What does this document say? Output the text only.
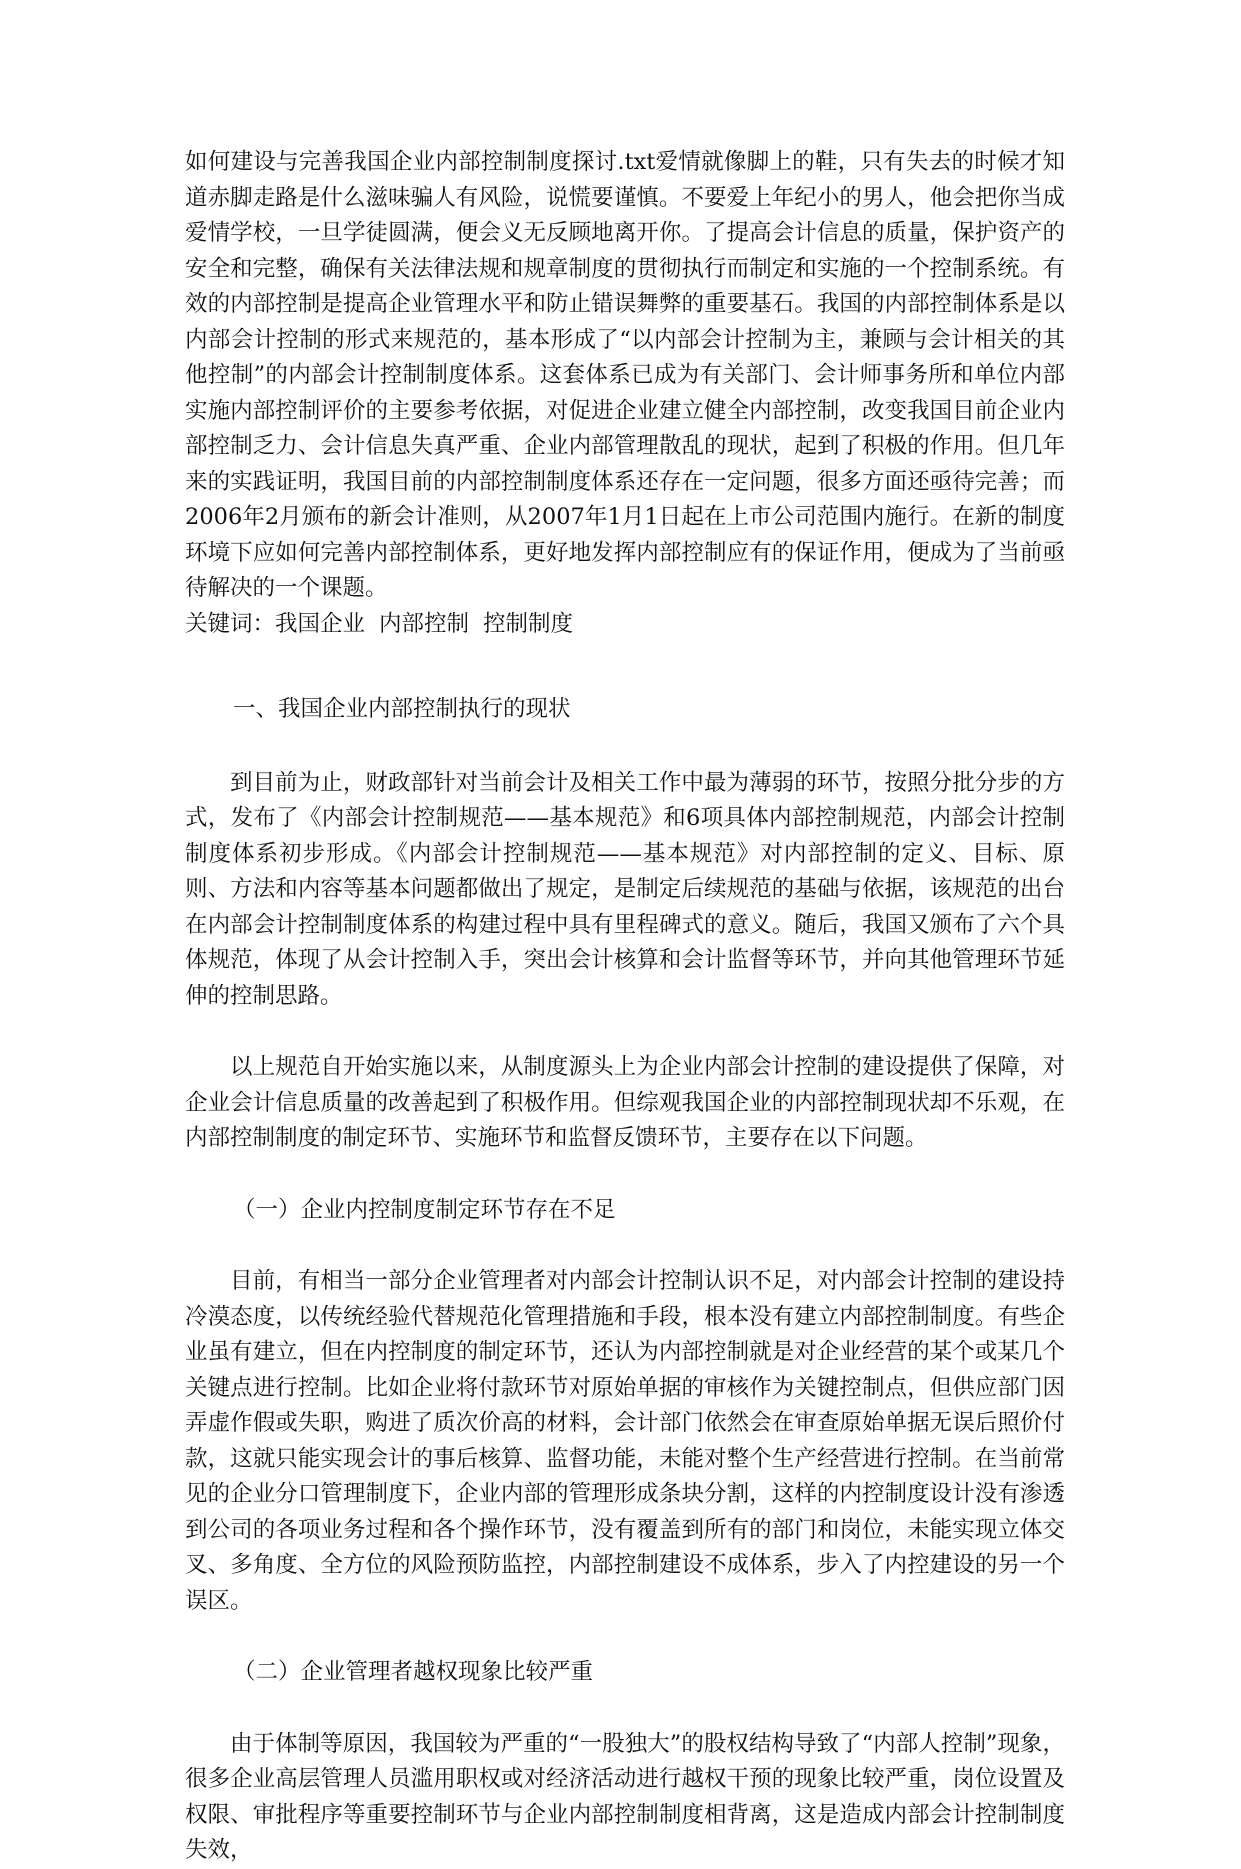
如何建设与完善我国企业内部控制制度探讨.txt爱情就像脚上的鞋，只有失去的时候才知道赤脚走路是什么滋味骗人有风险，说慌要谨慎。不要爱上年纪小的男人，他会把你当成爱情学校，一旦学徒圆满，便会义无反顾地离开你。了提高会计信息的质量，保护资产的安全和完整，确保有关法律法规和规章制度的贯彻执行而制定和实施的一个控制系统。有效的内部控制是提高企业管理水平和防止错误舞弊的重要基石。我国的内部控制体系是以内部会计控制的形式来规范的，基本形成了“以内部会计控制为主，兼顾与会计相关的其他控制”的内部会计控制制度体系。这套体系已成为有关部门、会计师事务所和单位内部实施内部控制评价的主要参考依据，对促进企业建立健全内部控制，改变我国目前企业内部控制乏力、会计信息失真严重、企业内部管理散乱的现状，起到了积极的作用。但几年来的实践证明，我国目前的内部控制制度体系还存在一定问题，很多方面还亟待完善；而2006年2月颁布的新会计准则，从2007年1月1日起在上市公司范围内施行。在新的制度环境下应如何完善内部控制体系，更好地发挥内部控制应有的保证作用，便成为了当前亟待解决的一个课题。

关键词：我国企业 内部控制 控制制度

一、我国企业内部控制执行的现状

到目前为止，财政部针对当前会计及相关工作中最为薄弱的环节，按照分批分步的方式，发布了《内部会计控制规范——基本规范》和6项具体内部控制规范，内部会计控制制度体系初步形成。《内部会计控制规范——基本规范》对内部控制的定义、目标、原则、方法和内容等基本问题都做出了规定，是制定后续规范的基础与依据，该规范的出台在内部会计控制制度体系的构建过程中具有里程碑式的意义。随后，我国又颁布了六个具体规范，体现了从会计控制入手，突出会计核算和会计监督等环节，并向其他管理环节延伸的控制思路。

以上规范自开始实施以来，从制度源头上为企业内部会计控制的建设提供了保障，对企业会计信息质量的改善起到了积极作用。但综观我国企业的内部控制现状却不乐观，在内部控制制度的制定环节、实施环节和监督反馈环节，主要存在以下问题。

（一）企业内控制度制定环节存在不足

目前，有相当一部分企业管理者对内部会计控制认识不足，对内部会计控制的建设持冷漠态度，以传统经验代替规范化管理措施和手段，根本没有建立内部控制制度。有些企业虽有建立，但在内控制度的制定环节，还认为内部控制就是对企业经营的某个或某几个关键点进行控制。比如企业将付款环节对原始单据的审核作为关键控制点，但供应部门因弄虚作假或失职，购进了质次价高的材料，会计部门依然会在审查原始单据无误后照价付款，这就只能实现会计的事后核算、监督功能，未能对整个生产经营进行控制。在当前常见的企业分口管理制度下，企业内部的管理形成条块分割，这样的内控制度设计没有渗透到公司的各项业务过程和各个操作环节，没有覆盖到所有的部门和岗位，未能实现立体交叉、多角度、全方位的风险预防监控，内部控制建设不成体系，步入了内控建设的另一个误区。

（二）企业管理者越权现象比较严重

由于体制等原因，我国较为严重的“一股独大”的股权结构导致了“内部人控制”现象，很多企业高层管理人员滥用职权或对经济活动进行越权干预的现象比较严重，岗位设置及权限、审批程序等重要控制环节与企业内部控制制度相背离，这是造成内部会计控制制度失效，
